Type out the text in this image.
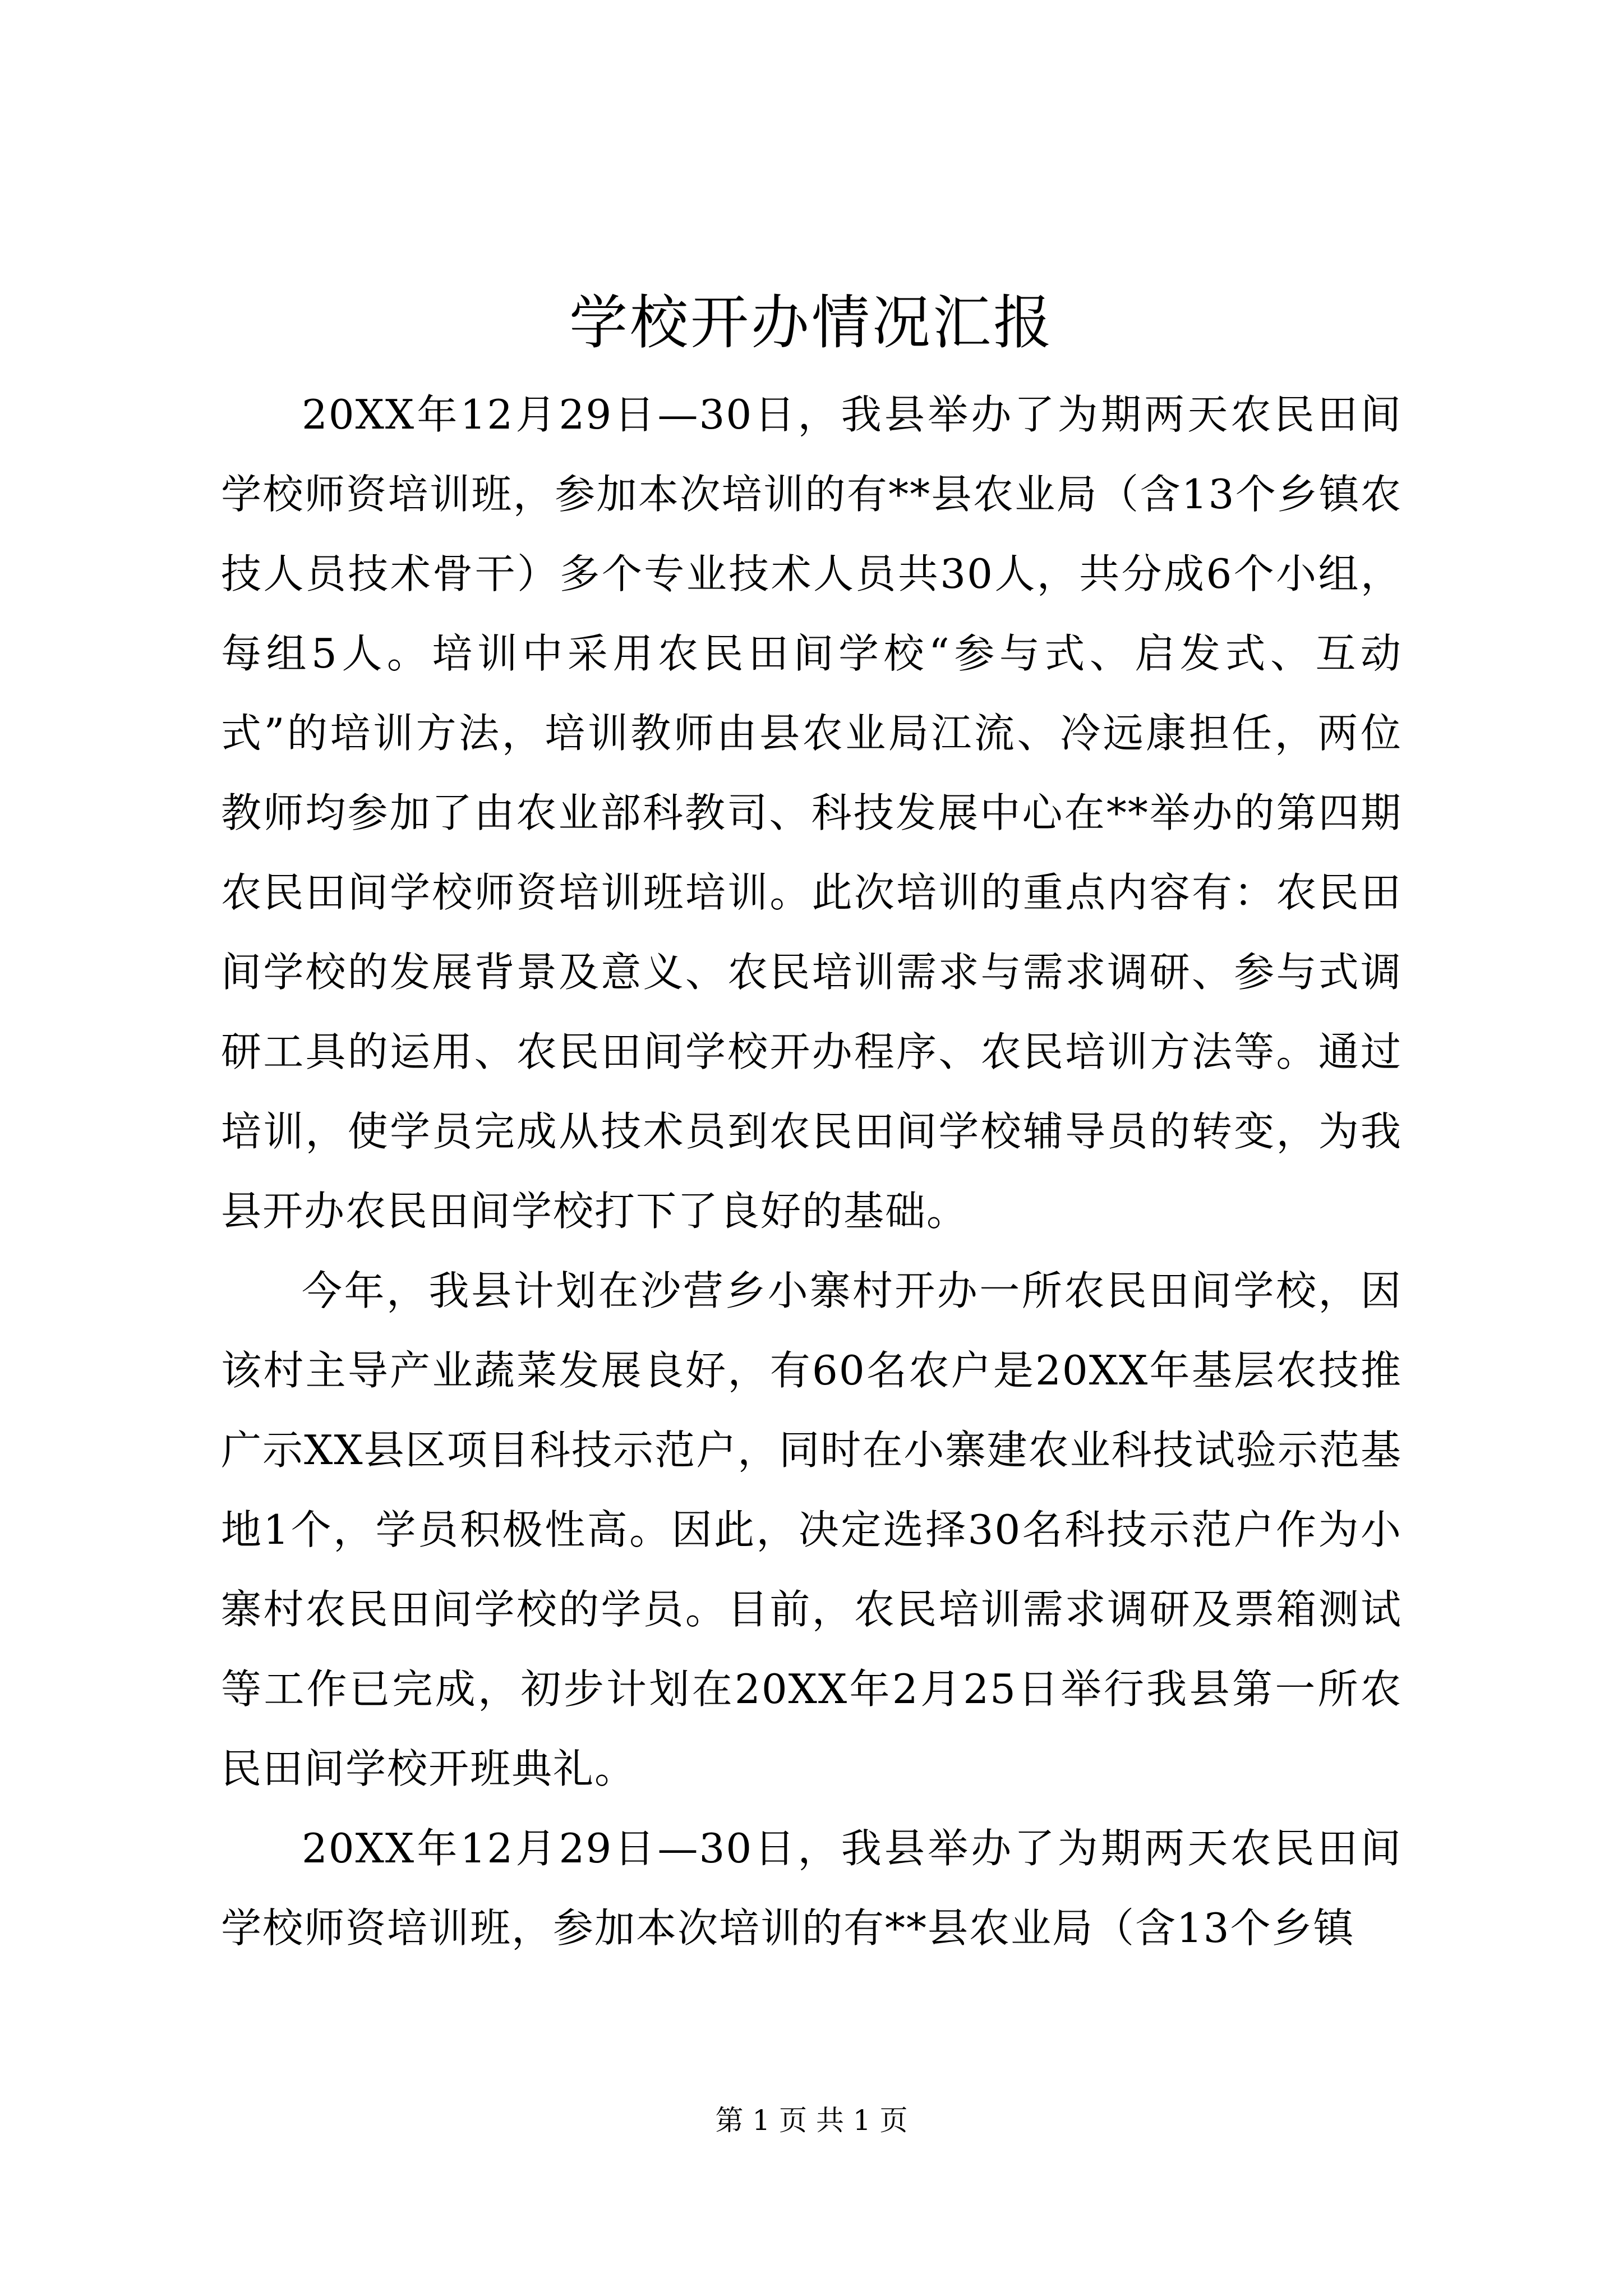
学校开办情况汇报

20XX年12月29日—30日，我县举办了为期两天农民田间学校师资培训班，参加本次培训的有**县农业局（含13个乡镇农技人员技术骨干）多个专业技术人员共30人，共分成6个小组，每组5人。培训中采用农民田间学校“参与式、启发式、互动式”的培训方法，培训教师由县农业局江流、冷远康担任，两位教师均参加了由农业部科教司、科技发展中心在**举办的第四期农民田间学校师资培训班培训。此次培训的重点内容有：农民田间学校的发展背景及意义、农民培训需求与需求调研、参与式调研工具的运用、农民田间学校开办程序、农民培训方法等。通过培训，使学员完成从技术员到农民田间学校辅导员的转变，为我县开办农民田间学校打下了良好的基础。

今年，我县计划在沙营乡小寨村开办一所农民田间学校，因该村主导产业蔬菜发展良好，有60名农户是20XX年基层农技推广示XX县区项目科技示范户，同时在小寨建农业科技试验示范基地1个，学员积极性高。因此，决定选择30名科技示范户作为小寨村农民田间学校的学员。目前，农民培训需求调研及票箱测试等工作已完成，初步计划在20XX年2月25日举行我县第一所农民田间学校开班典礼。

20XX年12月29日—30日，我县举办了为期两天农民田间学校师资培训班，参加本次培训的有**县农业局（含13个乡镇

第 1 页 共 1 页
